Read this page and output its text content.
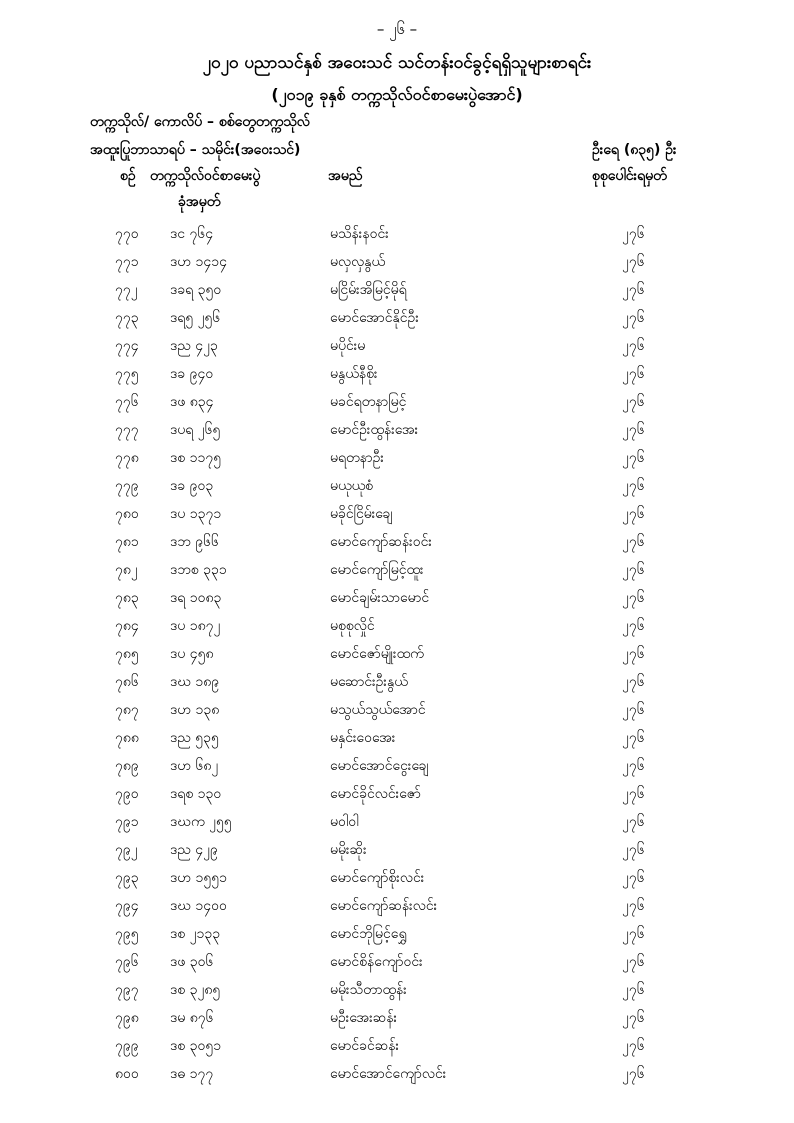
– ၂၆ –
၂၀၂၀ ပညာသင်နှစ် အဝေးသင် သင်တန်းဝင်ခွင့်ရရှိသူများစာရင်း
(၂၀၁၉ ခုနှစ် တက္ကသိုလ်ဝင်စာမေးပွဲအောင်)
တက္ကသိုလ်/ ကောလိပ် – စစ်တွေတက္ကသိုလ်
အထူးပြုဘာသာရပ် – သမိုင်း(အဝေးသင်)	ဦးရေ (၈၃၅) ဦး
စဉ် တက္ကသိုလ်ဝင်စာမေးပွဲ
ခုံအမှတ်
အမည်	စုစုပေါင်းရမှတ်
၇၇၀ ဒင ၇၆၄	မသိန်းနဝင်း	၂၇၆
၇၇၁ ဒဟ ၁၄၁၄	မလှလှနွယ်	၂၇၆
၇၇၂ ဒခရ ၃၅၀	မငြိမ်းအိမြင့်မိုရ်	၂၇၆
၇၇၃ ဒရ၅ ၂၅၆	မောင်အောင်နိုင်ဦး	၂၇၆
၇၇၄ ဒည ၄၂၃	မပိုင်းမ	၂၇၆
၇၇၅ ဒခ ၉၄၀	မနွယ်နီစိုး	၂၇၆
၇၇၆ ဒဖ ၈၃၄	မခင်ရတနာမြင့်	၂၇၆
၇၇၇ ဒပရ ၂၆၅	မောင်ဦးထွန်းအေး	၂၇၆
၇၇၈ ဒစ ၁၁၇၅	မရတနာဦး	၂၇၆
၇၇၉ ဒခ ၉၀၃	မယုယုစံ	၂၇၆
၇၈၀ ဒပ ၁၃၇၁	မခိုင်ငြိမ်းချေ	၂၇၆
၇၈၁ ဒဘ ၉၆၆	မောင်ကျော်ဆန်းဝင်း	၂၇၆
၇၈၂ ဒဘစ ၃၃၁	မောင်ကျော်မြင့်ထူး	၂၇၆
၇၈၃ ဒရ ၁၀၈၃	မောင်ချမ်းသာမောင်	၂၇၆
၇၈၄ ဒပ ၁၈၇၂	မစုစုလှိုင်	၂၇၆
၇၈၅ ဒပ ၄၅၈	မောင်ဇော်မျိုးထက်	၂၇၆
၇၈၆ ဒဃ ၁၈၉	မဆောင်းဦးနွယ်	၂၇၆
၇၈၇ ဒဟ ၁၃၈	မသွယ်သွယ်အောင်	၂၇၆
၇၈၈ ဒည ၅၃၅	မနှင်းဝေအေး	၂၇၆
၇၈၉ ဒဟ ၆၈၂	မောင်အောင်ငွေးချေ	၂၇၆
၇၉၀ ဒရစ ၁၃၀	မောင်ခိုင်လင်းဇော်	၂၇၆
၇၉၁ ဒဃက ၂၅၅	မဝါဝါ	၂၇၆
၇၉၂ ဒည ၄၂၉	မမိုးဆိုး	၂၇၆
၇၉၃ ဒဟ ၁၅၅၁	မောင်ကျော်စိုးလင်း	၂၇၆
၇၉၄ ဒဃ ၁၄၀၀	မောင်ကျော်ဆန်းလင်း	၂၇၆
၇၉၅ ဒစ ၂၁၃၃	မောင်ဘိုမြင့်ရွှေ	၂၇၆
၇၉၆ ဒဖ ၃၀၆	မောင်စိန်ကျော်ဝင်း	၂၇၆
၇၉၇ ဒစ ၃၂၈၅	မမိုးသီတာထွန်း	၂၇၆
၇၉၈ ဒမ ၈၇၆	မဦးအေးဆန်း	၂၇၆
၇၉၉ ဒစ ၃၀၅၁	မောင်ခင်ဆန်း	၂၇၆
၈၀၀ ဒဓ ၁၇၇	မောင်အောင်ကျော်လင်း	၂၇၆
